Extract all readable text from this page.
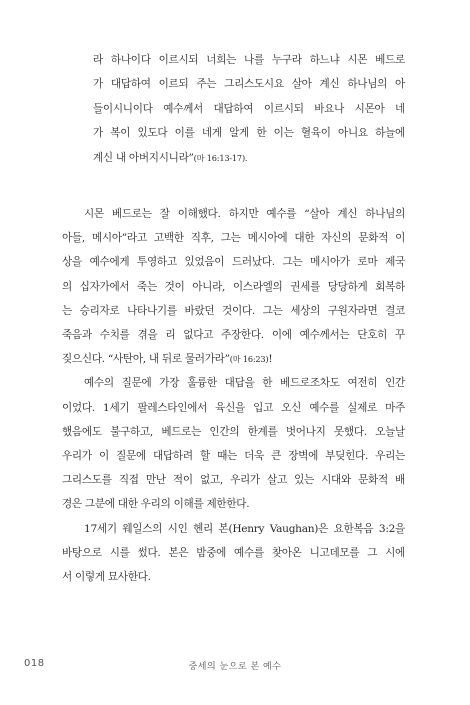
라 하나이다 이르시되 너희는 나를 누구라 하느냐 시몬 베드로
가 대답하여 이르되 주는 그리스도시요 살아 계신 하나님의 아
들이시니이다 예수께서 대답하여 이르시되 바요나 시몬아 네
가 복이 있도다 이를 네게 알게 한 이는 혈육이 아니요 하늘에
계신 내 아버지시니라”(마 16:13-17).
시몬 베드로는 잘 이해했다. 하지만 예수를 “살아 계신 하나님의
아들, 메시아”라고 고백한 직후, 그는 메시아에 대한 자신의 문화적 이
상을 예수에게 투영하고 있었음이 드러났다. 그는 메시아가 로마 제국
의 십자가에서 죽는 것이 아니라, 이스라엘의 권세를 당당하게 회복하
는 승리자로 나타나기를 바랐던 것이다. 그는 세상의 구원자라면 결코
죽음과 수치를 겪을 리 없다고 주장한다. 이에 예수께서는 단호히 꾸
짖으신다. “사탄아, 내 뒤로 물러가라”(마 16:23)!
예수의 질문에 가장 훌륭한 대답을 한 베드로조차도 여전히 인간
이었다. 1세기 팔레스타인에서 육신을 입고 오신 예수를 실제로 마주
했음에도 불구하고, 베드로는 인간의 한계를 벗어나지 못했다. 오늘날
우리가 이 질문에 대답하려 할 때는 더욱 큰 장벽에 부딪힌다. 우리는
그리스도를 직접 만난 적이 없고, 우리가 살고 있는 시대와 문화적 배
경은 그분에 대한 우리의 이해를 제한한다.
17세기 웨일스의 시인 헨리 본(Henry Vaughan)은 요한복음 3:2을
바탕으로 시를 썼다. 본은 밤중에 예수를 찾아온 니고데모를 그 시에
서 이렇게 묘사한다.
018	중세의 눈으로 본 예수
